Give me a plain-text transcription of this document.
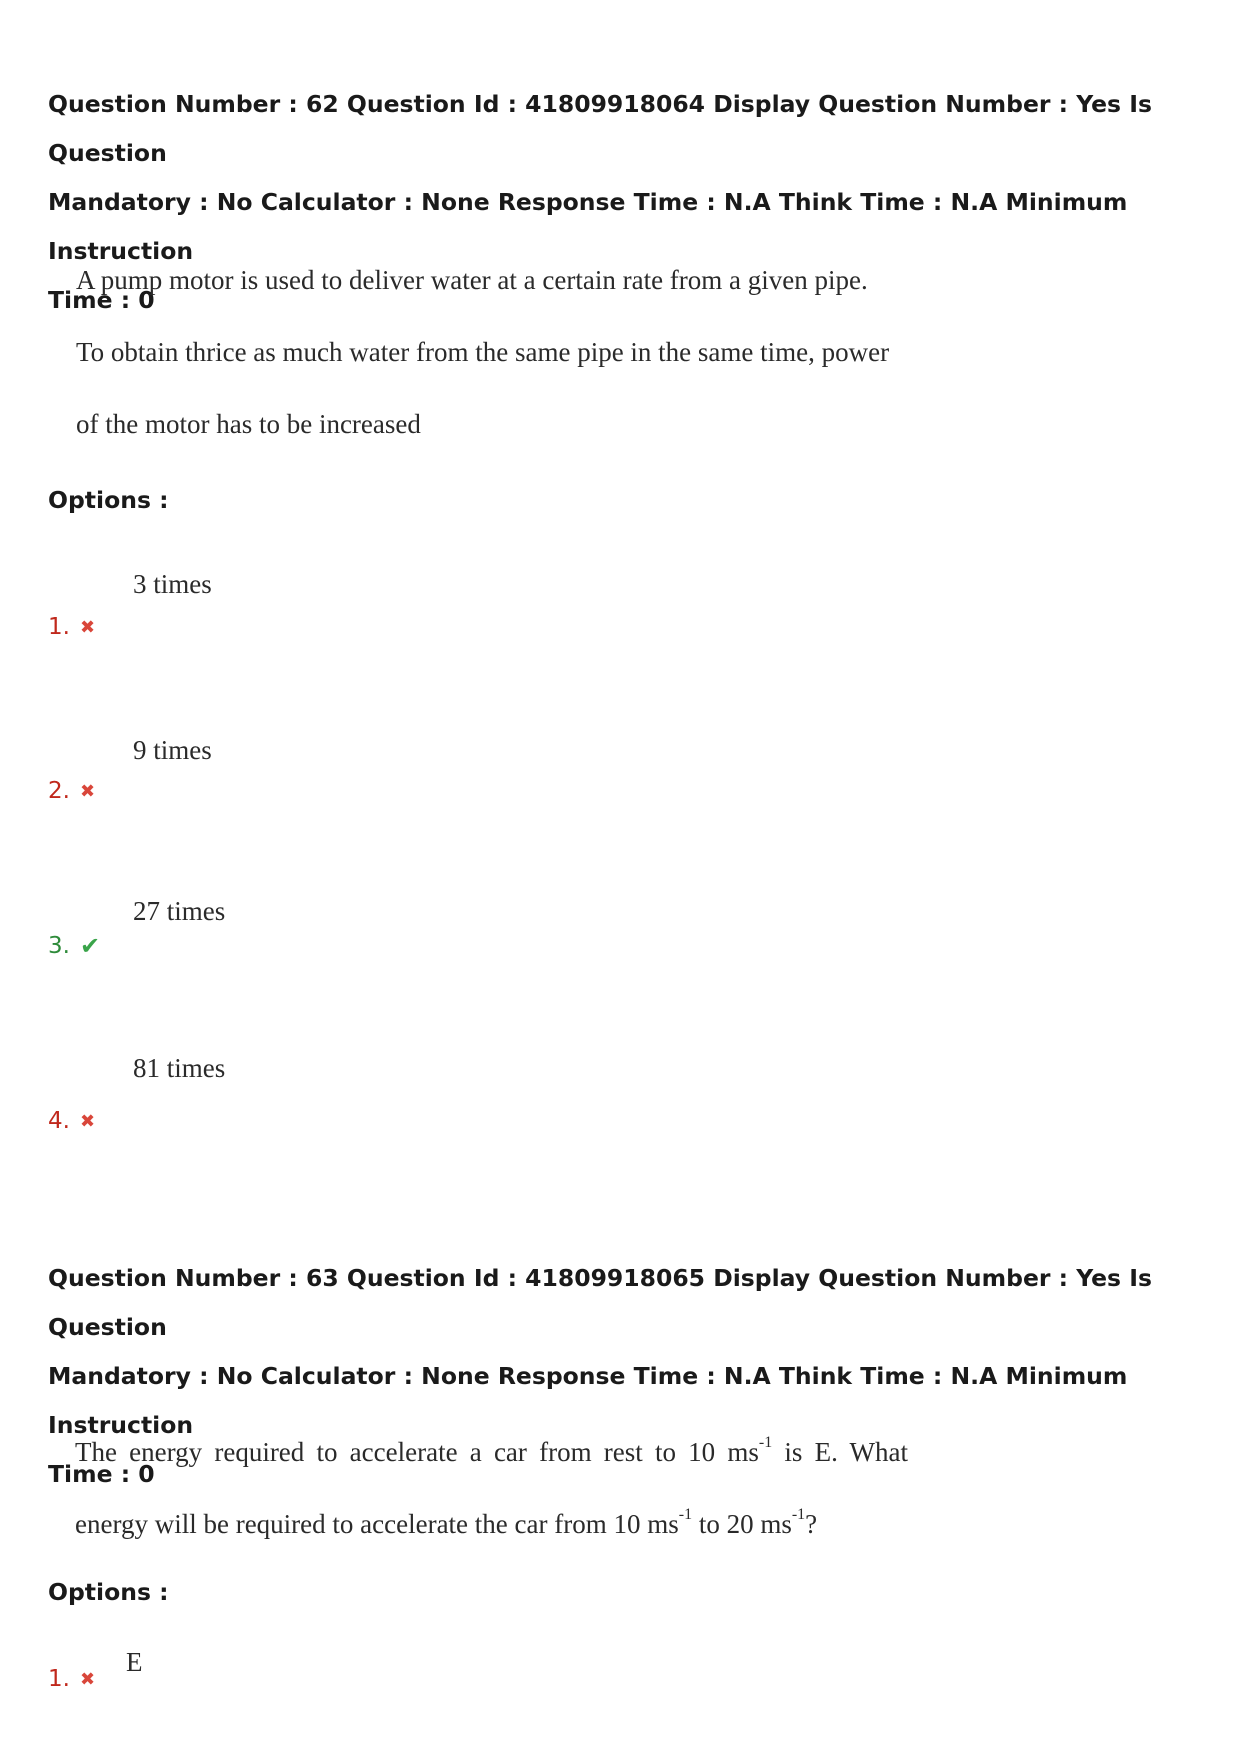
Question Number : 62 Question Id : 41809918064 Display Question Number : Yes Is Question
Mandatory : No Calculator : None Response Time : N.A Think Time : N.A Minimum Instruction
Time : 0

A pump motor is used to deliver water at a certain rate from a given pipe.

To obtain thrice as much water from the same pipe in the same time, power

of the motor has to be increased

Options :
3 times
1. ✖
9 times
2. ✖
27 times
3. ✔
81 times
4. ✖
Question Number : 63 Question Id : 41809918065 Display Question Number : Yes Is Question
Mandatory : No Calculator : None Response Time : N.A Think Time : N.A Minimum Instruction
Time : 0

The energy required to accelerate a car from rest to 10 $ms^{-1}$ is E. What

energy will be required to accelerate the car from 10 $ms^{-1}$ to 20 $ms^{-1}$?

Options :
E
1. ✖
